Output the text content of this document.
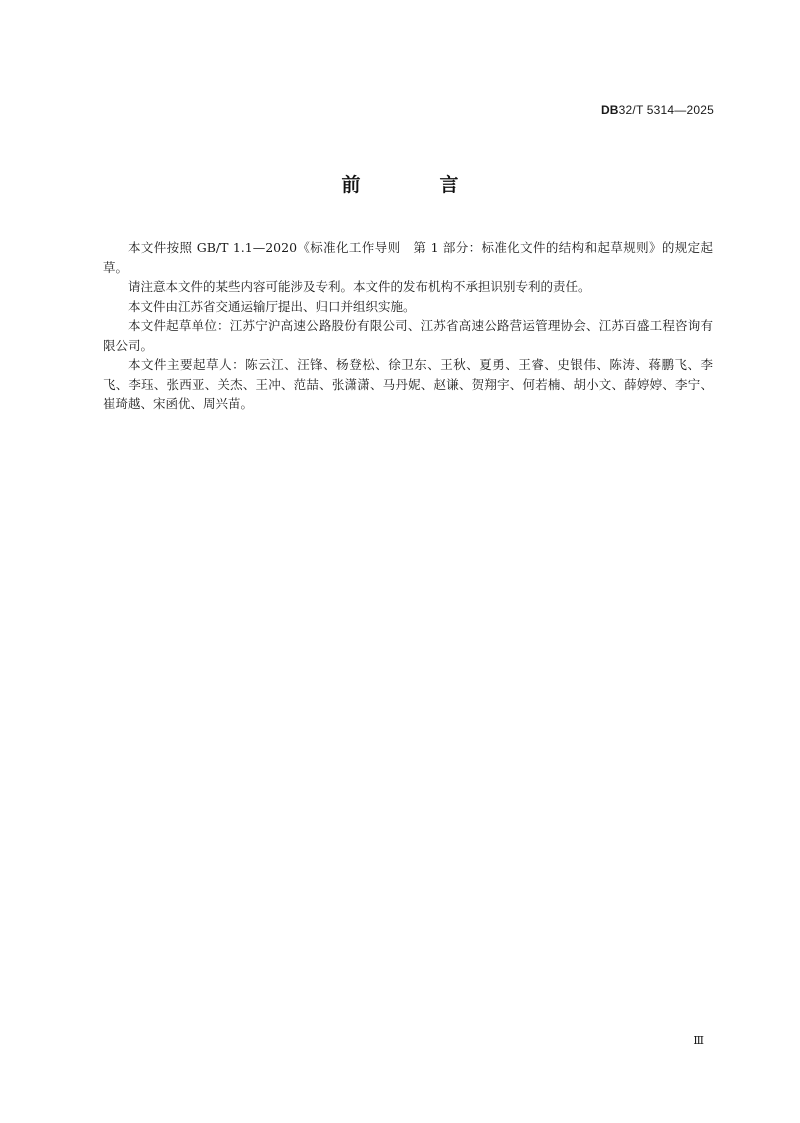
DB32/T 5314—2025
前　言

本文件按照 GB/T 1.1—2020《标准化工作导则　第 1 部分：标准化文件的结构和起草规则》的规定起草。

请注意本文件的某些内容可能涉及专利。本文件的发布机构不承担识别专利的责任。

本文件由江苏省交通运输厅提出、归口并组织实施。

本文件起草单位：江苏宁沪高速公路股份有限公司、江苏省高速公路营运管理协会、江苏百盛工程咨询有限公司。

本文件主要起草人：陈云江、汪锋、杨登松、徐卫东、王秋、夏勇、王睿、史银伟、陈涛、蒋鹏飞、李飞、李珏、张西亚、关杰、王冲、范喆、张潇潇、马丹妮、赵谦、贺翔宇、何若楠、胡小文、薛婷婷、李宁、崔琦越、宋函优、周兴苗。

Ⅲ
